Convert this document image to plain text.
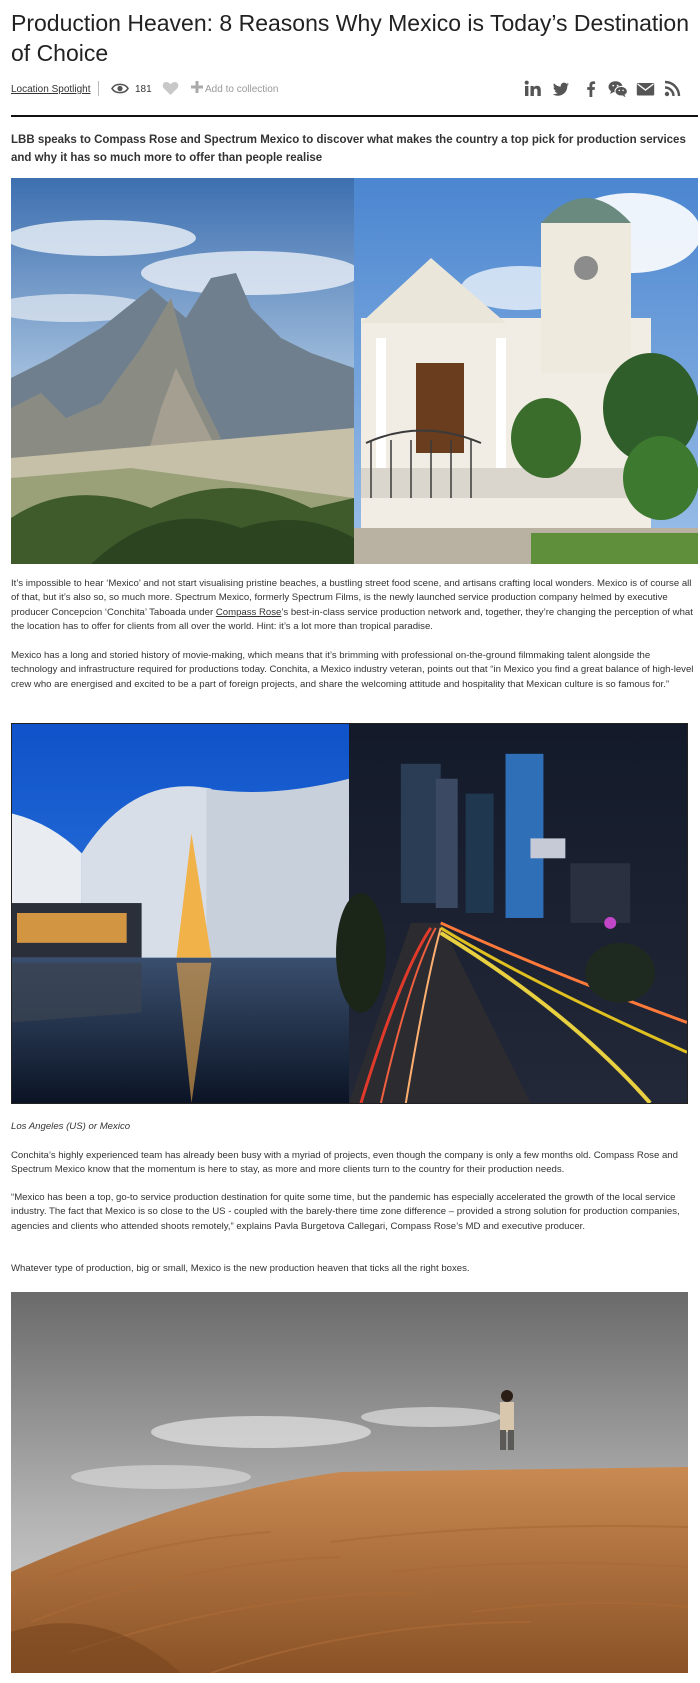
Production Heaven: 8 Reasons Why Mexico is Today’s Destination of Choice
Location Spotlight	181	Add to collection

LBB speaks to Compass Rose and Spectrum Mexico to discover what makes the country a top pick for production services and why it has so much more to offer than people realise

It’s impossible to hear ‘Mexico’ and not start visualising pristine beaches, a bustling street food scene, and artisans crafting local wonders. Mexico is of course all of that, but it’s also so, so much more. Spectrum Mexico, formerly Spectrum Films, is the newly launched service production company helmed by executive producer Concepcion ‘Conchita’ Taboada under Compass Rose’s best-in-class service production network and, together, they’re changing the perception of what the location has to offer for clients from all over the world. Hint: it’s a lot more than tropical paradise.

Mexico has a long and storied history of movie-making, which means that it’s brimming with professional on-the-ground filmmaking talent alongside the technology and infrastructure required for productions today. Conchita, a Mexico industry veteran, points out that “in Mexico you find a great balance of high-level crew who are energised and excited to be a part of foreign projects, and share the welcoming attitude and hospitality that Mexican culture is so famous for.”

Los Angeles (US) or Mexico

Conchita’s highly experienced team has already been busy with a myriad of projects, even though the company is only a few months old. Compass Rose and Spectrum Mexico know that the momentum is here to stay, as more and more clients turn to the country for their production needs.

“Mexico has been a top, go-to service production destination for quite some time, but the pandemic has especially accelerated the growth of the local service industry. The fact that Mexico is so close to the US - coupled with the barely-there time zone difference – provided a strong solution for production companies, agencies and clients who attended shoots remotely,” explains Pavla Burgetova Callegari, Compass Rose’s MD and executive producer.

Whatever type of production, big or small, Mexico is the new production heaven that ticks all the right boxes.
